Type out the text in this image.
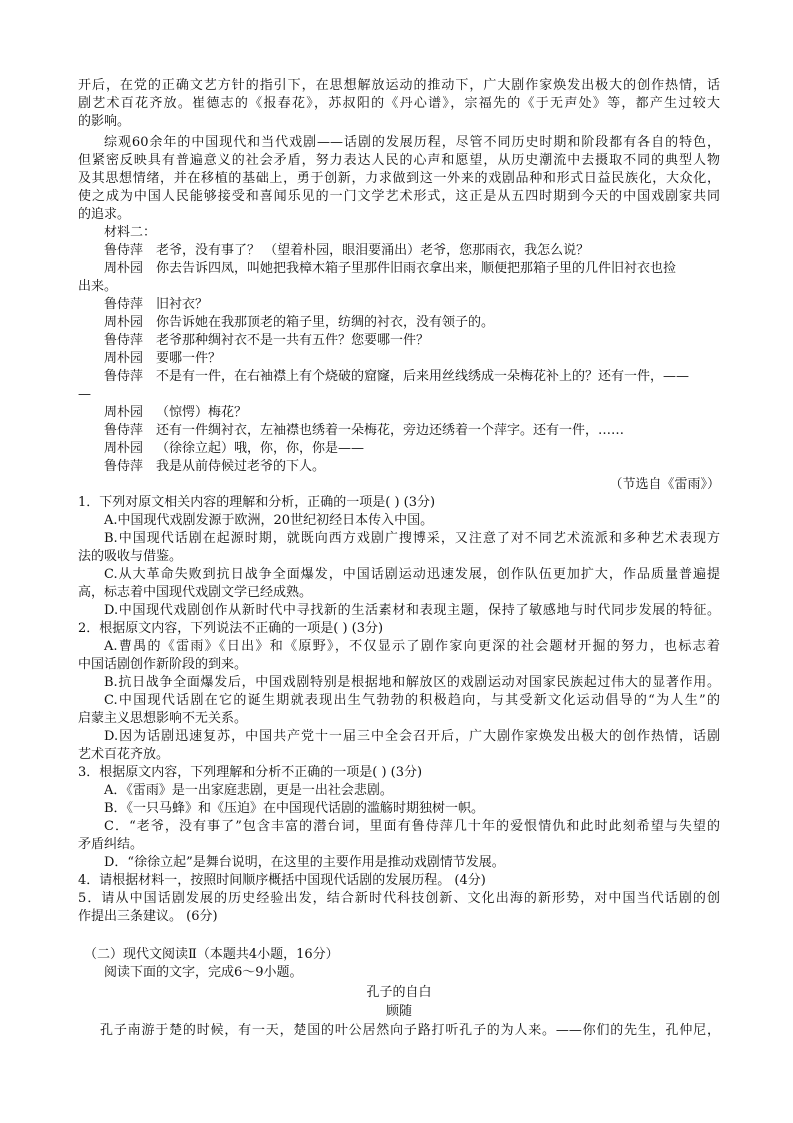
开后，在党的正确文艺方针的指引下，在思想解放运动的推动下，广大剧作家焕发出极大的创作热情，话
剧艺术百花齐放。崔德志的《报春花》，苏叔阳的《丹心谱》，宗福先的《于无声处》等，都产生过较大
的影响。
综观60余年的中国现代和当代戏剧——话剧的发展历程，尽管不同历史时期和阶段都有各自的特色，
但紧密反映具有普遍意义的社会矛盾，努力表达人民的心声和愿望，从历史潮流中去摄取不同的典型人物
及其思想情绪，并在移植的基础上，勇于创新，力求做到这一外来的戏剧品种和形式日益民族化，大众化，
使之成为中国人民能够接受和喜闻乐见的一门文学艺术形式，这正是从五四时期到今天的中国戏剧家共同
的追求。
材料二：
鲁侍萍 老爷，没有事了？ （望着朴园，眼泪要涌出）老爷，您那雨衣，我怎么说？
周朴园 你去告诉四凤，叫她把我樟木箱子里那件旧雨衣拿出来，顺便把那箱子里的几件旧衬衣也捡
出来。
鲁侍萍 旧衬衣？
周朴园 你告诉她在我那顶老的箱子里，纺绸的衬衣，没有领子的。
鲁侍萍 老爷那种绸衬衣不是一共有五件？您要哪一件？
周朴园 要哪一件？
鲁侍萍 不是有一件，在右袖襟上有个烧破的窟窿，后来用丝线绣成一朵梅花补上的？还有一件，——
—
周朴园 （惊愕）梅花？
鲁侍萍 还有一件绸衬衣，左袖襟也绣着一朵梅花，旁边还绣着一个萍字。还有一件，……
周朴园 （徐徐立起）哦，你，你，你是——
鲁侍萍 我是从前侍候过老爷的下人。
（节选自《雷雨》）
1．下列对原文相关内容的理解和分析，正确的一项是( ) (3分)
A.中国现代戏剧发源于欧洲，20世纪初经日本传入中国。
B.中国现代话剧在起源时期，就既向西方戏剧广搜博采，又注意了对不同艺术流派和多种艺术表现方
法的吸收与借鉴。
C.从大革命失败到抗日战争全面爆发，中国话剧运动迅速发展，创作队伍更加扩大，作品质量普遍提
高，标志着中国现代戏剧文学已经成熟。
D.中国现代戏剧创作从新时代中寻找新的生活素材和表现主题，保持了敏感地与时代同步发展的特征。
2．根据原文内容，下列说法不正确的一项是( ) (3分)
A.曹禺的《雷雨》《日出》和《原野》，不仅显示了剧作家向更深的社会题材开掘的努力，也标志着
中国话剧创作新阶段的到来。
B.抗日战争全面爆发后，中国戏剧特别是根据地和解放区的戏剧运动对国家民族起过伟大的显著作用。
C.中国现代话剧在它的诞生期就表现出生气勃勃的积极趋向，与其受新文化运动倡导的“为人生”的
启蒙主义思想影响不无关系。
D.因为话剧迅速复苏，中国共产党十一届三中全会召开后，广大剧作家焕发出极大的创作热情，话剧
艺术百花齐放。
3．根据原文内容，下列理解和分析不正确的一项是( ) (3分)
A．《雷雨》是一出家庭悲剧，更是一出社会悲剧。
B．《一只马蜂》和《压迫》在中国现代话剧的滥觞时期独树一帜。
C．“老爷，没有事了”包含丰富的潜台词，里面有鲁侍萍几十年的爱恨情仇和此时此刻希望与失望的
矛盾纠结。
D．“徐徐立起”是舞台说明，在这里的主要作用是推动戏剧情节发展。
4．请根据材料一，按照时间顺序概括中国现代话剧的发展历程。 (4分)
5．请从中国话剧发展的历史经验出发，结合新时代科技创新、文化出海的新形势，对中国当代话剧的创
作提出三条建议。 (6分)
（二）现代文阅读Ⅱ（本题共4小题，16分）
阅读下面的文字，完成6～9小题。
孔子的自白
顾随
孔子南游于楚的时候，有一天，楚国的叶公居然向子路打听孔子的为人来。——你们的先生，孔仲尼，
